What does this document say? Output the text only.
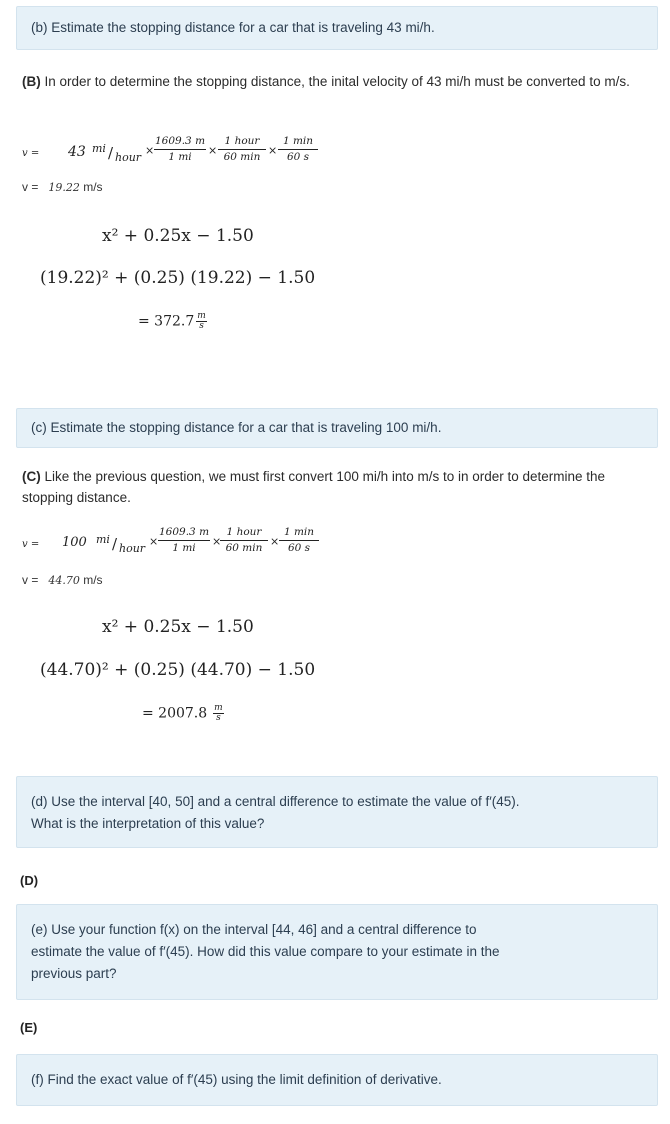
(b) Estimate the stopping distance for a car that is traveling 43 mi/h.
(B) In order to determine the stopping distance, the inital velocity of 43 mi/h must be converted to m/s.
v = 43 mi / hour
× $\frac{1609.3 m}{1 mi}$ ×
1 hour
60 min ×
1 min
60 s
v = 19.22 m/s
x² + 0.25x − 1.50
(19.22)² + (0.25) (19.22) − 1.50
= $372.7 \frac{m}{s}$
(c) Estimate the stopping distance for a car that is traveling 100 mi/h.
(C) Like the previous question, we must first convert 100 mi/h into m/s to in order to determine the stopping distance.
v = 100 mi / hour
× $\frac{1609.3 m}{1 mi}$ ×
1 hour
60 min ×
1 min
60 s
v = 44.70 m/s
x² + 0.25x − 1.50
(44.70)² + (0.25) (44.70) − 1.50
= $2007.8 \frac{m}{s}$
(d) Use the interval [40, 50] and a central difference to estimate the value of f′(45).
What is the interpretation of this value?
(D)
(e) Use your function f(x) on the interval [44, 46] and a central difference to
estimate the value of f′(45). How did this value compare to your estimate in the
previous part?
(E)
(f) Find the exact value of f′(45) using the limit definition of derivative.
